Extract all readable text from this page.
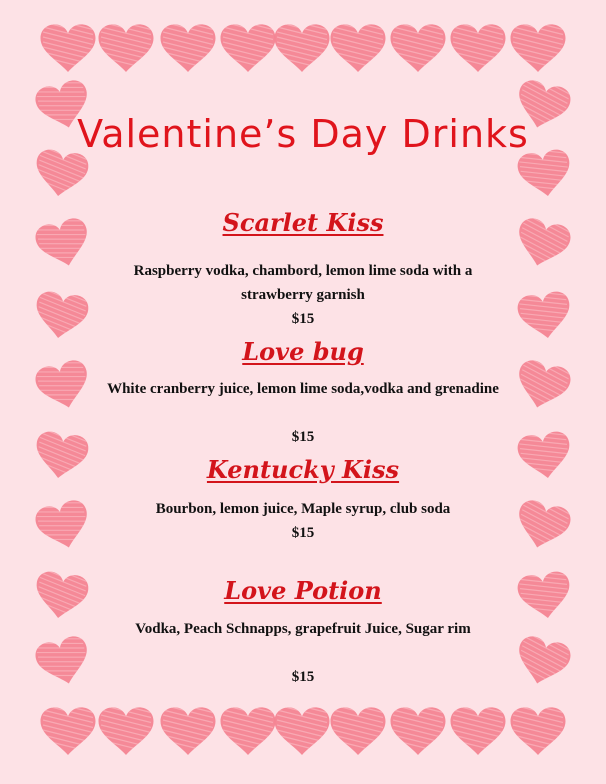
Valentine’s Day Drinks
Scarlet Kiss
Raspberry vodka, chambord, lemon lime soda with a strawberry garnish
$15
Love bug
White cranberry juice, lemon lime soda,vodka and grenadine
$15
Kentucky Kiss
Bourbon, lemon juice, Maple syrup, club soda
$15
Love Potion
Vodka, Peach Schnapps, grapefruit Juice, Sugar rim
$15
